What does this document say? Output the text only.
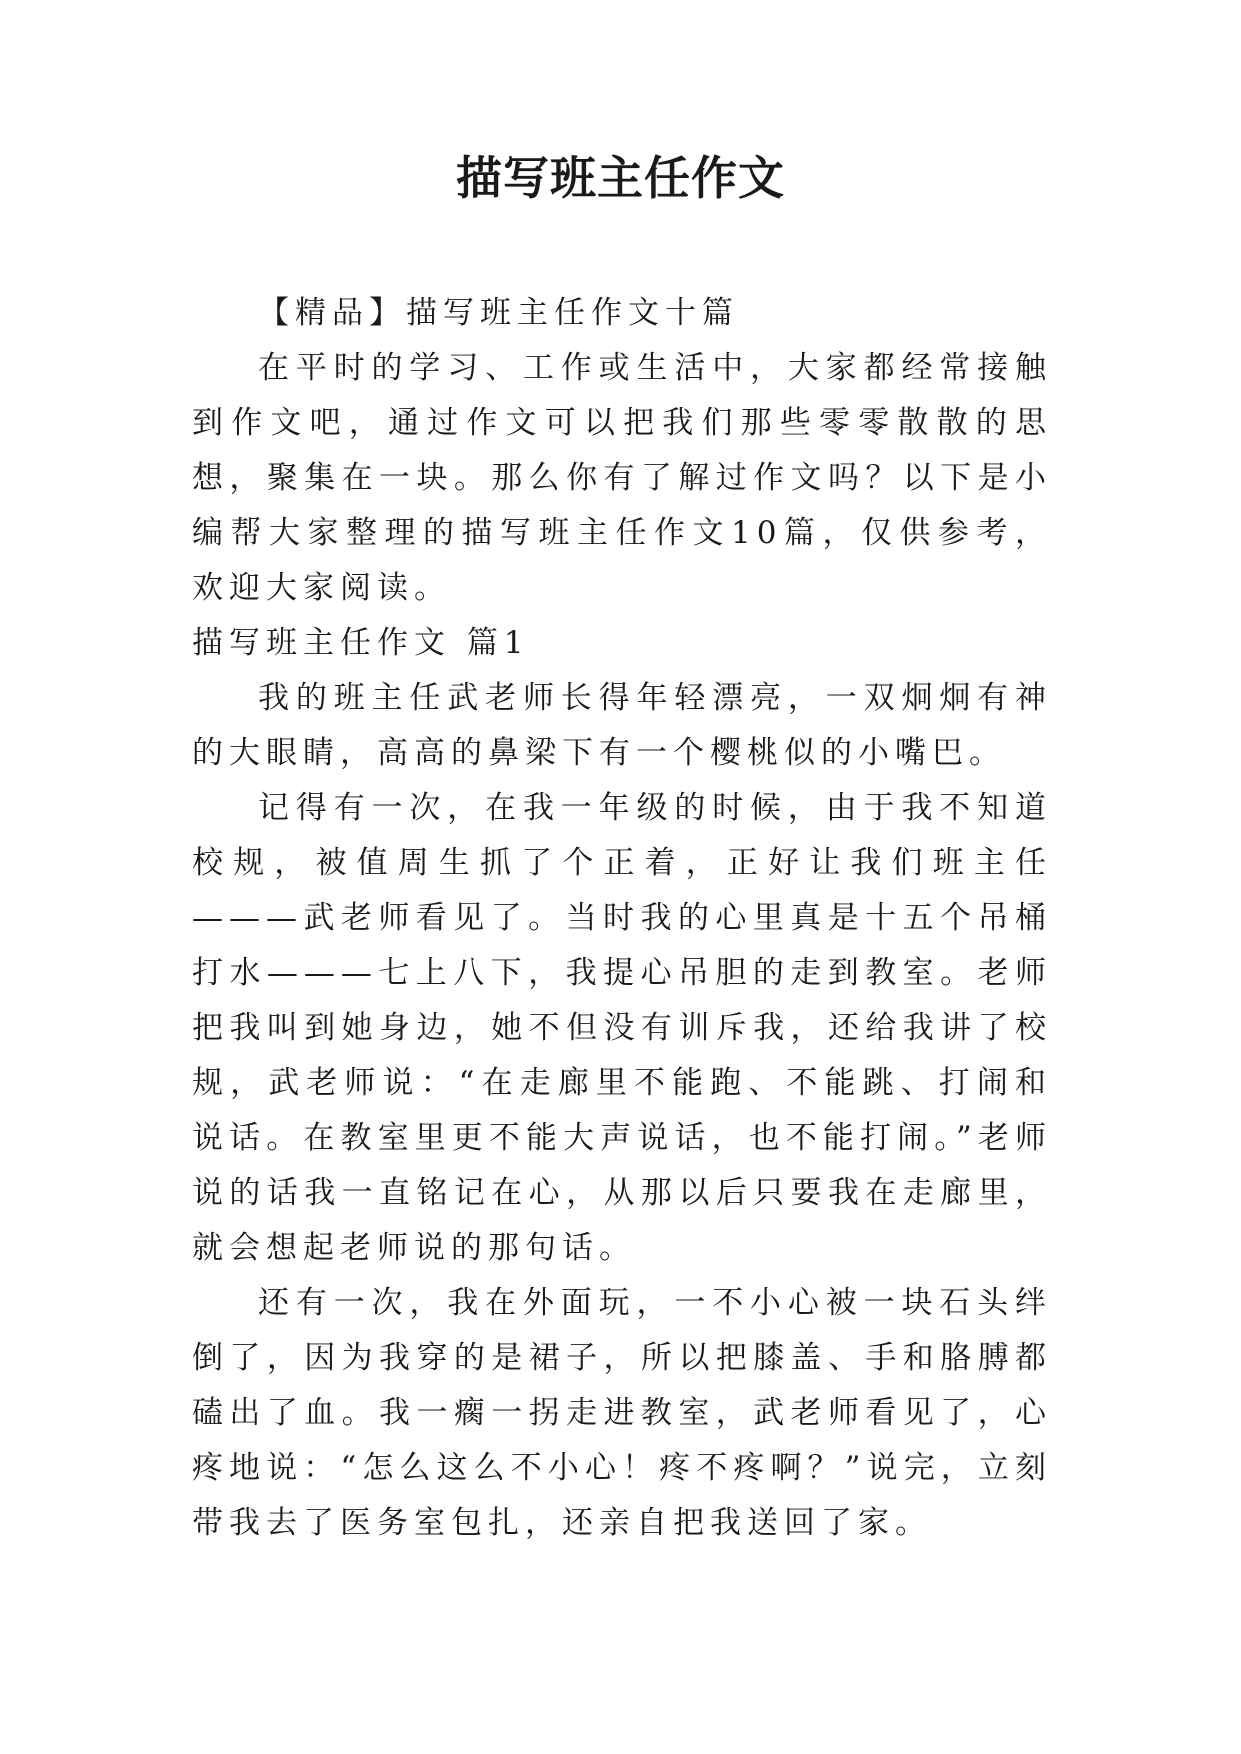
描写班主任作文

【精品】描写班主任作文十篇

在平时的学习、工作或生活中，大家都经常接触到作文吧，通过作文可以把我们那些零零散散的思想，聚集在一块。那么你有了解过作文吗？以下是小编帮大家整理的描写班主任作文10篇，仅供参考，欢迎大家阅读。

描写班主任作文 篇1

我的班主任武老师长得年轻漂亮，一双炯炯有神的大眼睛，高高的鼻梁下有一个樱桃似的小嘴巴。

记得有一次，在我一年级的时候，由于我不知道校规，被值周生抓了个正着，正好让我们班主任———武老师看见了。当时我的心里真是十五个吊桶打水———七上八下，我提心吊胆的走到教室。老师把我叫到她身边，她不但没有训斥我，还给我讲了校规，武老师说：“在走廊里不能跑、不能跳、打闹和说话。在教室里更不能大声说话，也不能打闹。”老师说的话我一直铭记在心，从那以后只要我在走廊里，就会想起老师说的那句话。

还有一次，我在外面玩，一不小心被一块石头绊倒了，因为我穿的是裙子，所以把膝盖、手和胳膊都磕出了血。我一瘸一拐走进教室，武老师看见了，心疼地说：“怎么这么不小心！疼不疼啊？”说完，立刻带我去了医务室包扎，还亲自把我送回了家。
